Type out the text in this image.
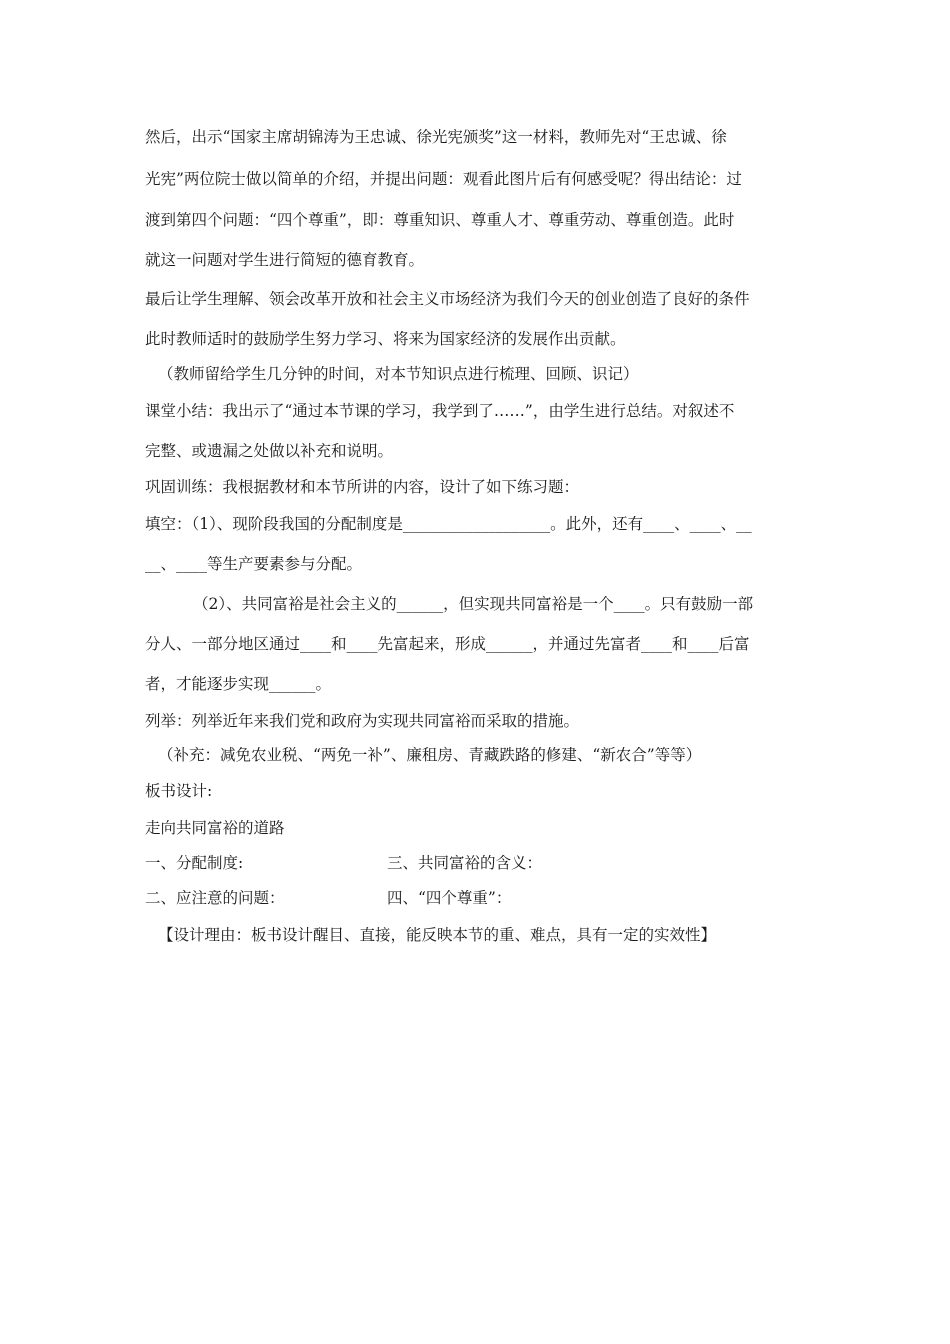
然后，出示“国家主席胡锦涛为王忠诚、徐光宪颁奖”这一材料，教师先对“王忠诚、徐
光宪”两位院士做以简单的介绍，并提出问题：观看此图片后有何感受呢？得出结论：过
渡到第四个问题：“四个尊重”，即：尊重知识、尊重人才、尊重劳动、尊重创造。此时
就这一问题对学生进行简短的德育教育。
最后让学生理解、领会改革开放和社会主义市场经济为我们今天的创业创造了良好的条件
此时教师适时的鼓励学生努力学习、将来为国家经济的发展作出贡献。
（教师留给学生几分钟的时间，对本节知识点进行梳理、回顾、识记）
课堂小结：我出示了“通过本节课的学习，我学到了……”，由学生进行总结。对叙述不
完整、或遗漏之处做以补充和说明。
巩固训练：我根据教材和本节所讲的内容，设计了如下练习题：
填空：（1）、现阶段我国的分配制度是___________________。此外，还有____、____、__
__、____等生产要素参与分配。
（2）、共同富裕是社会主义的______，但实现共同富裕是一个____。只有鼓励一部
分人、一部分地区通过____和____先富起来，形成______，并通过先富者____和____后富
者，才能逐步实现______。
列举：列举近年来我们党和政府为实现共同富裕而采取的措施。
（补充：减免农业税、“两免一补”、廉租房、青藏跌路的修建、“新农合”等等）
板书设计:
走向共同富裕的道路
一、分配制度:	三、共同富裕的含义：
二、应注意的问题：	四、“四个尊重”：
【设计理由：板书设计醒目、直接，能反映本节的重、难点，具有一定的实效性】
